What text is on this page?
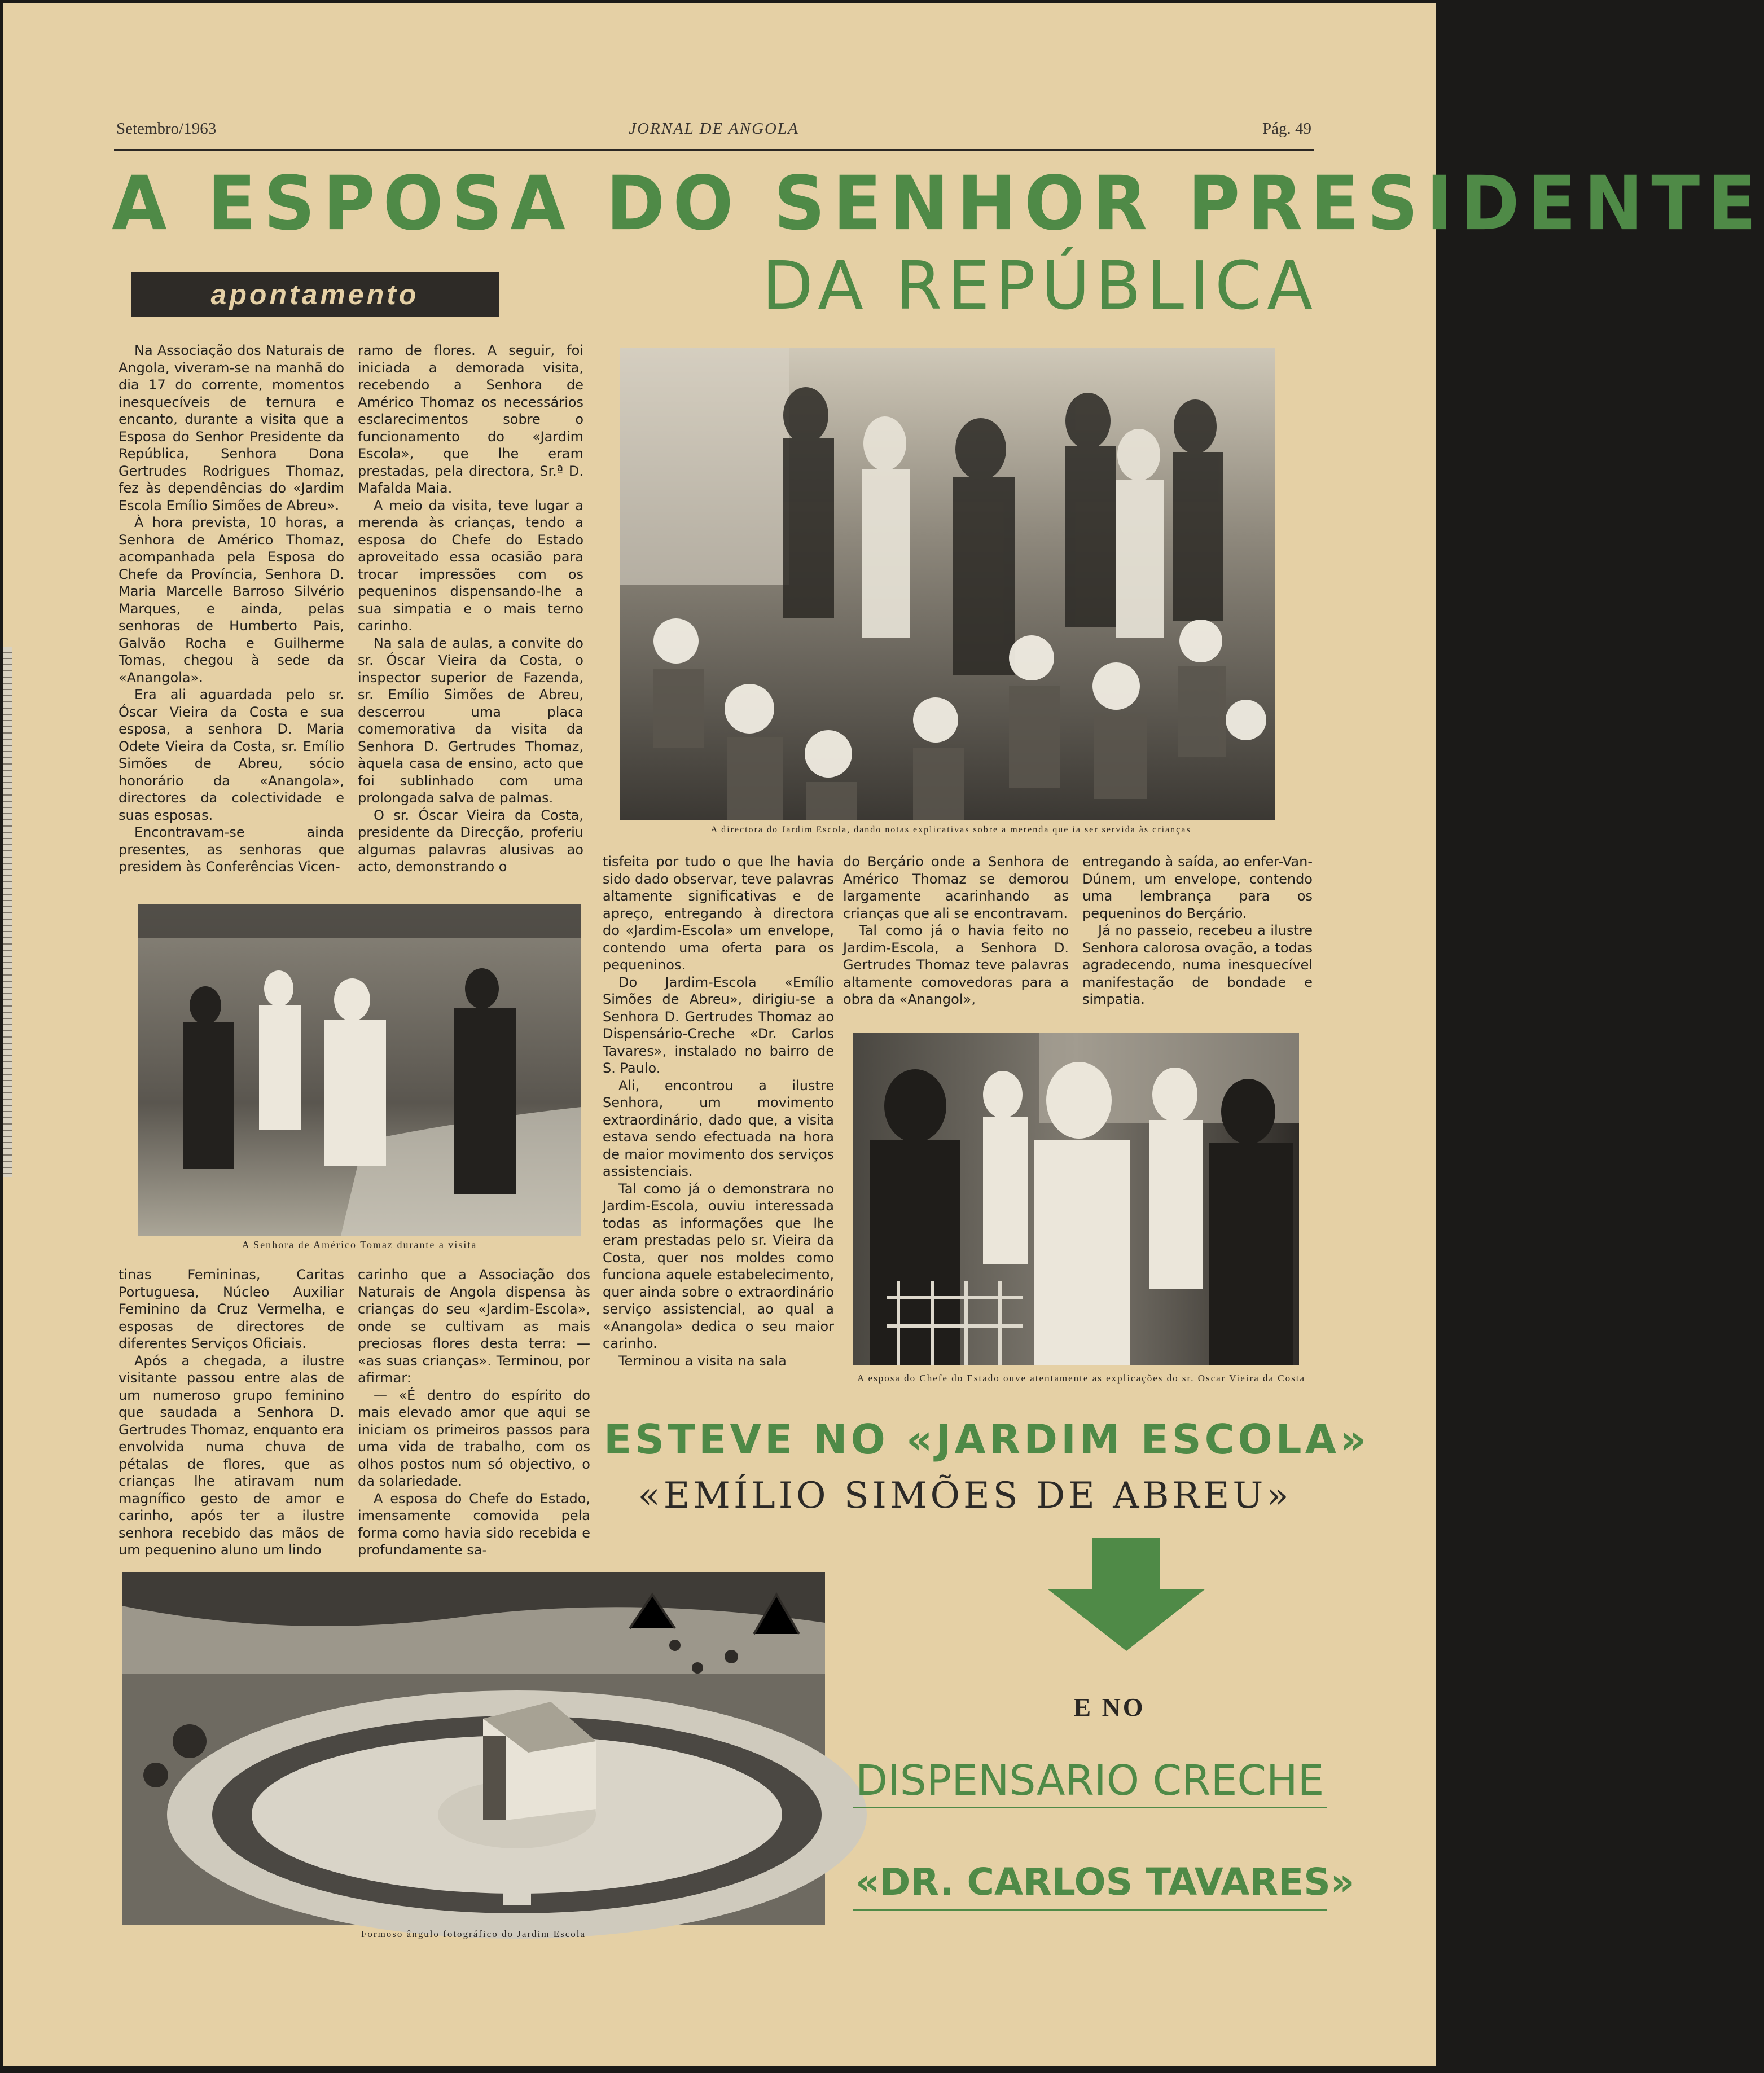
Setembro/1963	JORNAL DE ANGOLA	Pág. 49
A ESPOSA DO SENHOR PRESIDENTE
apontamento	DA REPÚBLICA

Na Associação dos Naturais de Angola, viveram-se na manhã do dia 17 do corrente, momentos inesquecíveis de ternura e encanto, durante a visita que a Esposa do Senhor Presidente da República, Senhora Dona Gertrudes Rodrigues Thomaz, fez às dependências do «Jardim Escola Emílio Simões de Abreu».

À hora prevista, 10 horas, a Senhora de Américo Thomaz, acompanhada pela Esposa do Chefe da Província, Senhora D. Maria Marcelle Barroso Silvério Marques, e ainda, pelas senhoras de Humberto Pais, Galvão Rocha e Guilherme Tomas, chegou à sede da «Anangola».

Era ali aguardada pelo sr. Óscar Vieira da Costa e sua esposa, a senhora D. Maria Odete Vieira da Costa, sr. Emílio Simões de Abreu, sócio honorário da «Anangola», directores da colectividade e suas esposas.

Encontravam-se ainda presentes, as senhoras que presidem às Conferências Vicen-

ramo de flores. A seguir, foi iniciada a demorada visita, recebendo a Senhora de Américo Thomaz os necessários esclarecimentos sobre o funcionamento do «Jardim Escola», que lhe eram prestadas, pela directora, Sr.ª D. Mafalda Maia.

A meio da visita, teve lugar a merenda às crianças, tendo a esposa do Chefe do Estado aproveitado essa ocasião para trocar impressões com os pequeninos dispensando-lhe a sua simpatia e o mais terno carinho.

Na sala de aulas, a convite do sr. Óscar Vieira da Costa, o inspector superior de Fazenda, sr. Emílio Simões de Abreu, descerrou uma placa comemorativa da visita da Senhora D. Gertrudes Thomaz, àquela casa de ensino, acto que foi sublinhado com uma prolongada salva de palmas.

O sr. Óscar Vieira da Costa, presidente da Direcção, proferiu algumas palavras alusivas ao acto, demonstrando o

A directora do Jardim Escola, dando notas explicativas sobre a merenda que ia ser servida às crianças
A Senhora de Américo Tomaz durante a visita

tinas Femininas, Caritas Portuguesa, Núcleo Auxiliar Feminino da Cruz Vermelha, e esposas de directores de diferentes Serviços Oficiais.

Após a chegada, a ilustre visitante passou entre alas de um numeroso grupo feminino que saudada a Senhora D. Gertrudes Thomaz, enquanto era envolvida numa chuva de pétalas de flores, que as crianças lhe atiravam num magnífico gesto de amor e carinho, após ter a ilustre senhora recebido das mãos de um pequenino aluno um lindo

carinho que a Associação dos Naturais de Angola dispensa às crianças do seu «Jardim-Escola», onde se cultivam as mais preciosas flores desta terra: — «as suas crianças». Terminou, por afirmar:

— «É dentro do espírito do mais elevado amor que aqui se iniciam os primeiros passos para uma vida de trabalho, com os olhos postos num só objectivo, o da solariedade.

A esposa do Chefe do Estado, imensamente comovida pela forma como havia sido recebida e profundamente sa-

tisfeita por tudo o que lhe havia sido dado observar, teve palavras altamente significativas e de apreço, entregando à directora do «Jardim-Escola» um envelope, contendo uma oferta para os pequeninos.

Do Jardim-Escola «Emílio Simões de Abreu», dirigiu-se a Senhora D. Gertrudes Thomaz ao Dispensário-Creche «Dr. Carlos Tavares», instalado no bairro de S. Paulo.

Ali, encontrou a ilustre Senhora, um movimento extraordinário, dado que, a visita estava sendo efectuada na hora de maior movimento dos serviços assistenciais.

Tal como já o demonstrara no Jardim-Escola, ouviu interessada todas as informações que lhe eram prestadas pelo sr. Vieira da Costa, quer nos moldes como funciona aquele estabelecimento, quer ainda sobre o extraordinário serviço assistencial, ao qual a «Anangola» dedica o seu maior carinho.

Terminou a visita na sala

do Berçário onde a Senhora de Américo Thomaz se demorou largamente acarinhando as crianças que ali se encontravam.

Tal como já o havia feito no Jardim-Escola, a Senhora D. Gertrudes Thomaz teve palavras altamente comovedoras para a obra da «Anangol»,

entregando à saída, ao enfer-Van-Dúnem, um envelope, contendo uma lembrança para os pequeninos do Berçário.

Já no passeio, recebeu a ilustre Senhora calorosa ovação, a todas agradecendo, numa inesquecível manifestação de bondade e simpatia.

A esposa do Chefe do Estado ouve atentamente as explicações do sr. Oscar Vieira da Costa
Formoso ângulo fotográfico do Jardim Escola
ESTEVE NO «JARDIM ESCOLA»
«EMÍLIO SIMÕES DE ABREU»
E NO
DISPENSARIO CRECHE
«DR. CARLOS TAVARES»
